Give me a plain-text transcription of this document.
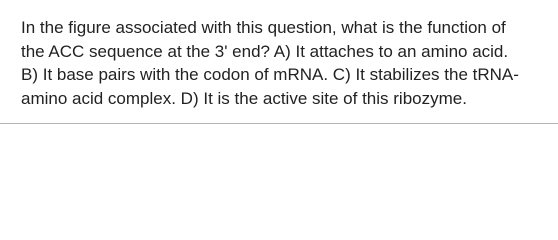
In the figure associated with this question, what is the function of
the ACC sequence at the 3' end? A) It attaches to an amino acid.
B) It base pairs with the codon of mRNA. C) It stabilizes the tRNA-
amino acid complex. D) It is the active site of this ribozyme.
